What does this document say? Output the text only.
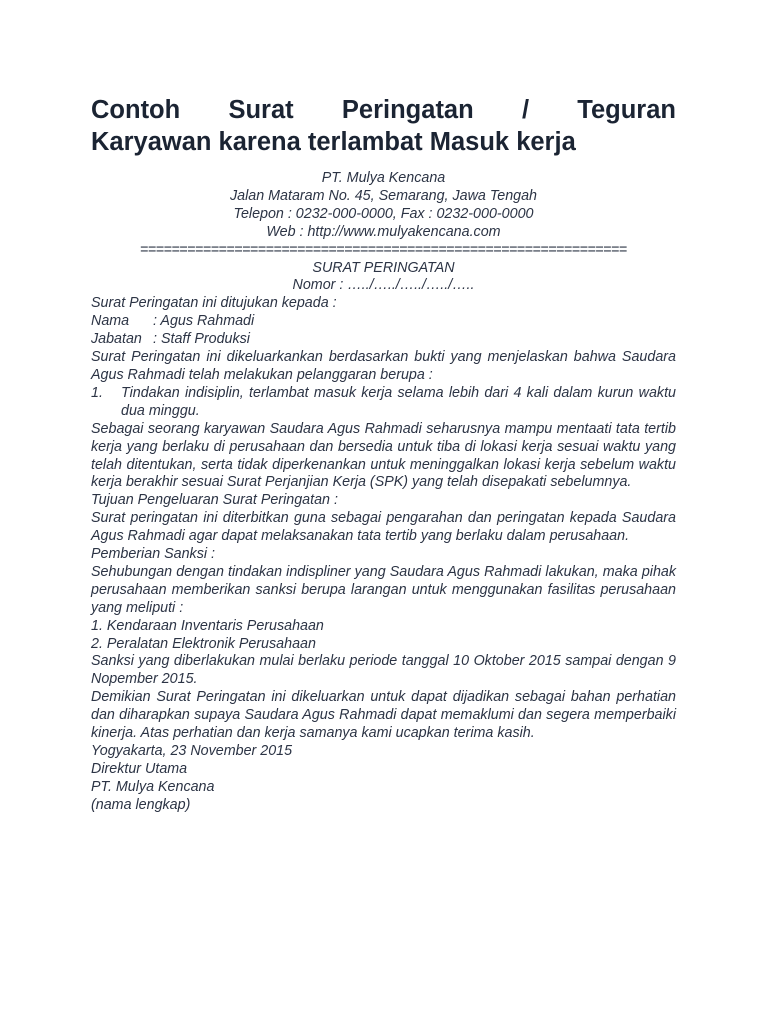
Contoh Surat Peringatan / Teguran
Karyawan karena terlambat Masuk kerja
PT. Mulya Kencana
Jalan Mataram No. 45, Semarang, Jawa Tengah
Telepon : 0232-000-0000, Fax : 0232-000-0000
Web : http://www.mulyakencana.com
==============================================================
SURAT PERINGATAN
Nomor : …../…../…../…../…..
Surat Peringatan ini ditujukan kepada :
Nama	: Agus Rahmadi
Jabatan : Staff Produksi
Surat Peringatan ini dikeluarkankan berdasarkan bukti yang menjelaskan bahwa Saudara Agus Rahmadi telah melakukan pelanggaran berupa :
1.	Tindakan indisiplin, terlambat masuk kerja selama lebih dari 4 kali dalam kurun waktu dua minggu.
Sebagai seorang karyawan Saudara Agus Rahmadi seharusnya mampu mentaati tata tertib kerja yang berlaku di perusahaan dan bersedia untuk tiba di lokasi kerja sesuai waktu yang telah ditentukan, serta tidak diperkenankan untuk meninggalkan lokasi kerja sebelum waktu kerja berakhir sesuai Surat Perjanjian Kerja (SPK) yang telah disepakati sebelumnya.
Tujuan Pengeluaran Surat Peringatan :
Surat peringatan ini diterbitkan guna sebagai pengarahan dan peringatan kepada Saudara Agus Rahmadi agar dapat melaksanakan tata tertib yang berlaku dalam perusahaan.
Pemberian Sanksi :
Sehubungan dengan tindakan indispliner yang Saudara Agus Rahmadi lakukan, maka pihak perusahaan memberikan sanksi berupa larangan untuk menggunakan fasilitas perusahaan yang meliputi :
1. Kendaraan Inventaris Perusahaan
2. Peralatan Elektronik Perusahaan
Sanksi yang diberlakukan mulai berlaku periode tanggal 10 Oktober 2015 sampai dengan 9 Nopember 2015.
Demikian Surat Peringatan ini dikeluarkan untuk dapat dijadikan sebagai bahan perhatian dan diharapkan supaya Saudara Agus Rahmadi dapat memaklumi dan segera memperbaiki kinerja. Atas perhatian dan kerja samanya kami ucapkan terima kasih.
Yogyakarta, 23 November 2015
Direktur Utama
PT. Mulya Kencana
(nama lengkap)
